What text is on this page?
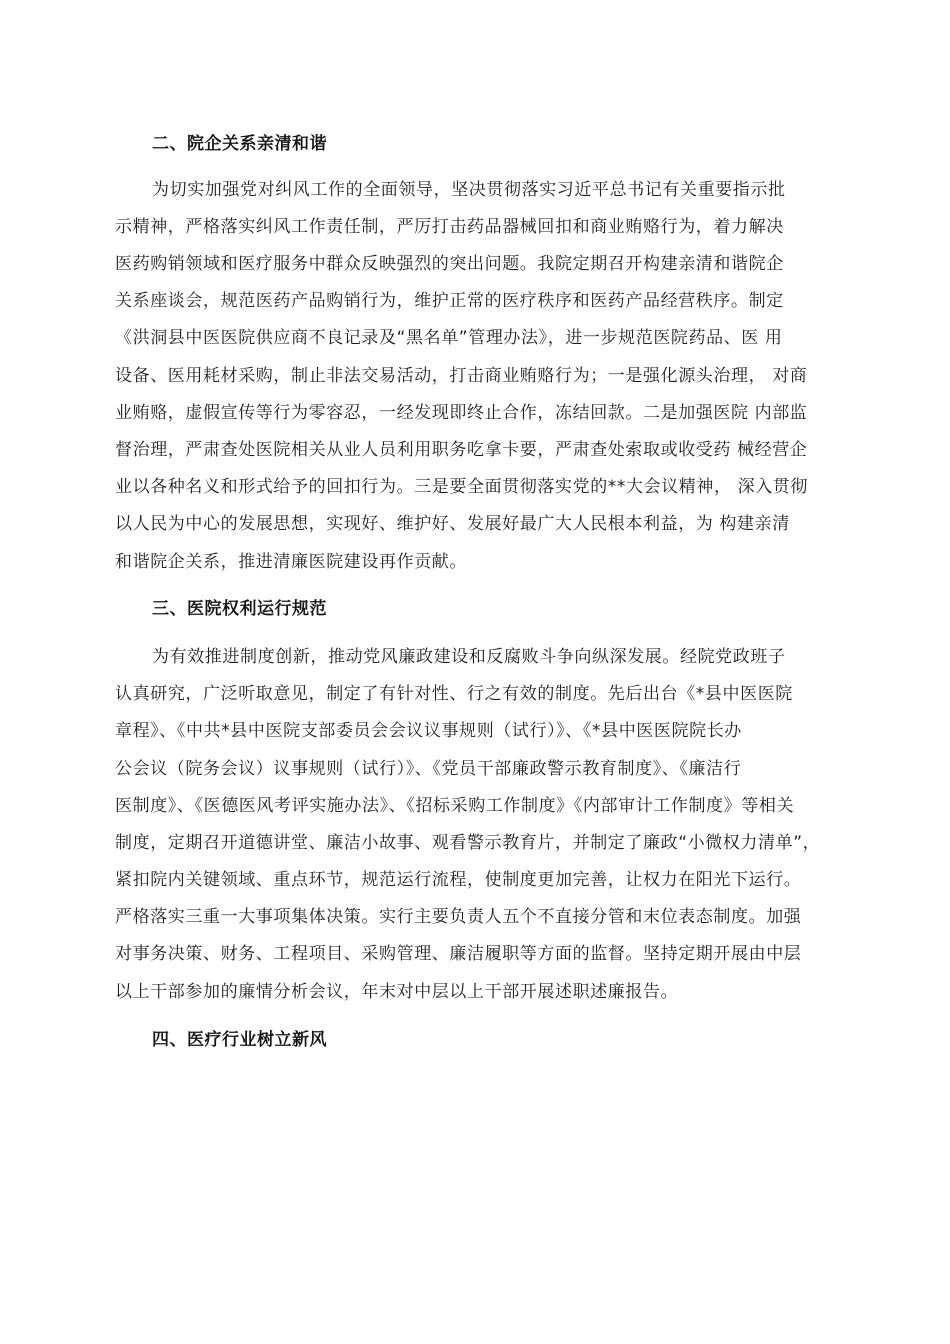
二、院企关系亲清和谐
为切实加强党对纠风工作的全面领导，坚决贯彻落实习近平总书记有关重要指示批
示精神，严格落实纠风工作责任制，严厉打击药品器械回扣和商业贿赂行为，着力解决
医药购销领域和医疗服务中群众反映强烈的突出问题。我院定期召开构建亲清和谐院企
关系座谈会，规范医药产品购销行为，维护正常的医疗秩序和医药产品经营秩序。制定
《洪洞县中医医院供应商不良记录及“黑名单”管理办法》，进一步规范医院药品、医 用
设备、医用耗材采购，制止非法交易活动，打击商业贿赂行为；一是强化源头治理， 对商
业贿赂，虚假宣传等行为零容忍，一经发现即终止合作，冻结回款。二是加强医院 内部监
督治理，严肃查处医院相关从业人员利用职务吃拿卡要，严肃查处索取或收受药 械经营企
业以各种名义和形式给予的回扣行为。三是要全面贯彻落实党的**大会议精神， 深入贯彻
以人民为中心的发展思想，实现好、维护好、发展好最广大人民根本利益，为 构建亲清
和谐院企关系，推进清廉医院建设再作贡献。
三、医院权利运行规范
为有效推进制度创新，推动党风廉政建设和反腐败斗争向纵深发展。经院党政班子
认真研究，广泛听取意见，制定了有针对性、行之有效的制度。先后出台《*县中医医院
章程》、《中共*县中医院支部委员会会议议事规则（试行）》、《*县中医医院院长办
公会议（院务会议）议事规则（试行）》、《党员干部廉政警示教育制度》、《廉洁行
医制度》、《医德医风考评实施办法》、《招标采购工作制度》《内部审计工作制度》等相关
制度，定期召开道德讲堂、廉洁小故事、观看警示教育片，并制定了廉政“小微权力清单”，
紧扣院内关键领域、重点环节，规范运行流程，使制度更加完善，让权力在阳光下运行。
严格落实三重一大事项集体决策。实行主要负责人五个不直接分管和末位表态制度。加强
对事务决策、财务、工程项目、采购管理、廉洁履职等方面的监督。坚持定期开展由中层
以上干部参加的廉情分析会议，年末对中层以上干部开展述职述廉报告。
四、医疗行业树立新风
